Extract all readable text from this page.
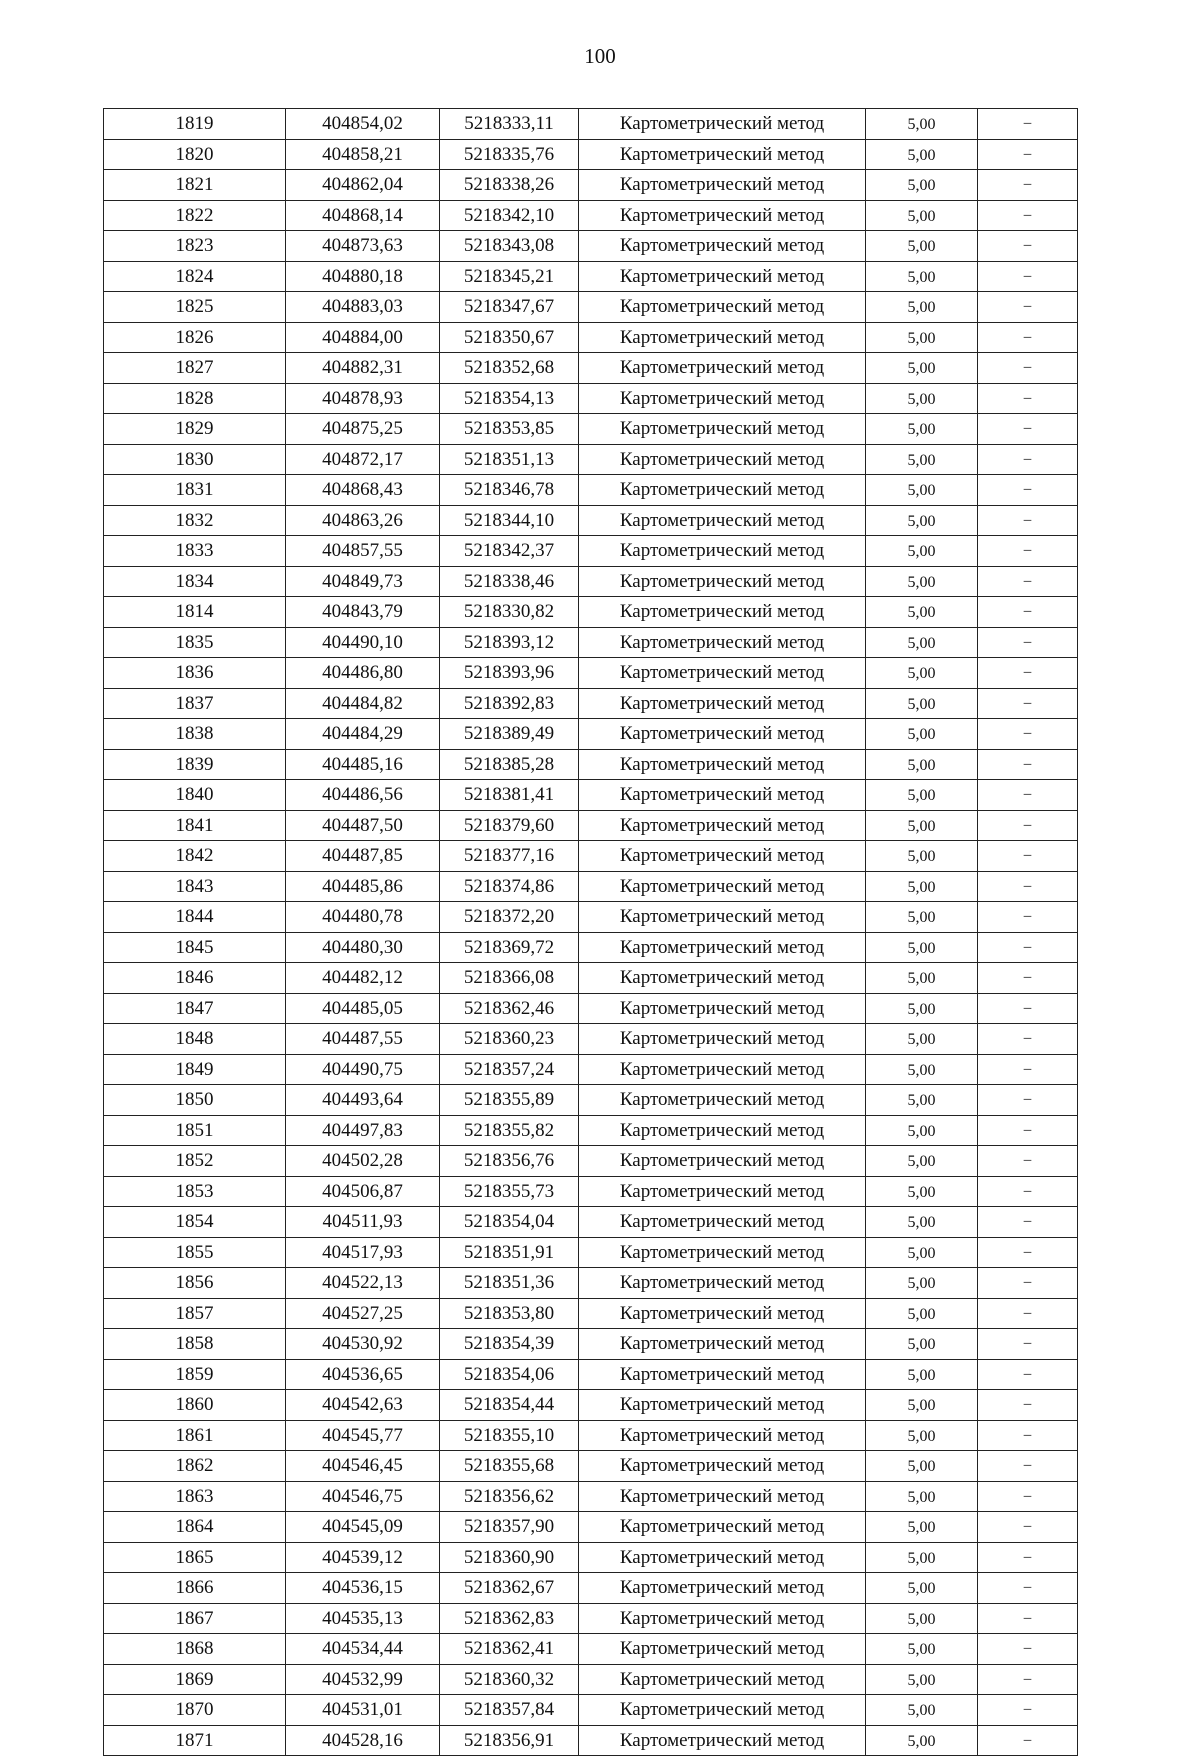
100
1819	404854,02	5218333,11	Картометрический метод	5,00	–
1820	404858,21	5218335,76	Картометрический метод	5,00	–
1821	404862,04	5218338,26	Картометрический метод	5,00	–
1822	404868,14	5218342,10	Картометрический метод	5,00	–
1823	404873,63	5218343,08	Картометрический метод	5,00	–
1824	404880,18	5218345,21	Картометрический метод	5,00	–
1825	404883,03	5218347,67	Картометрический метод	5,00	–
1826	404884,00	5218350,67	Картометрический метод	5,00	–
1827	404882,31	5218352,68	Картометрический метод	5,00	–
1828	404878,93	5218354,13	Картометрический метод	5,00	–
1829	404875,25	5218353,85	Картометрический метод	5,00	–
1830	404872,17	5218351,13	Картометрический метод	5,00	–
1831	404868,43	5218346,78	Картометрический метод	5,00	–
1832	404863,26	5218344,10	Картометрический метод	5,00	–
1833	404857,55	5218342,37	Картометрический метод	5,00	–
1834	404849,73	5218338,46	Картометрический метод	5,00	–
1814	404843,79	5218330,82	Картометрический метод	5,00	–
1835	404490,10	5218393,12	Картометрический метод	5,00	–
1836	404486,80	5218393,96	Картометрический метод	5,00	–
1837	404484,82	5218392,83	Картометрический метод	5,00	–
1838	404484,29	5218389,49	Картометрический метод	5,00	–
1839	404485,16	5218385,28	Картометрический метод	5,00	–
1840	404486,56	5218381,41	Картометрический метод	5,00	–
1841	404487,50	5218379,60	Картометрический метод	5,00	–
1842	404487,85	5218377,16	Картометрический метод	5,00	–
1843	404485,86	5218374,86	Картометрический метод	5,00	–
1844	404480,78	5218372,20	Картометрический метод	5,00	–
1845	404480,30	5218369,72	Картометрический метод	5,00	–
1846	404482,12	5218366,08	Картометрический метод	5,00	–
1847	404485,05	5218362,46	Картометрический метод	5,00	–
1848	404487,55	5218360,23	Картометрический метод	5,00	–
1849	404490,75	5218357,24	Картометрический метод	5,00	–
1850	404493,64	5218355,89	Картометрический метод	5,00	–
1851	404497,83	5218355,82	Картометрический метод	5,00	–
1852	404502,28	5218356,76	Картометрический метод	5,00	–
1853	404506,87	5218355,73	Картометрический метод	5,00	–
1854	404511,93	5218354,04	Картометрический метод	5,00	–
1855	404517,93	5218351,91	Картометрический метод	5,00	–
1856	404522,13	5218351,36	Картометрический метод	5,00	–
1857	404527,25	5218353,80	Картометрический метод	5,00	–
1858	404530,92	5218354,39	Картометрический метод	5,00	–
1859	404536,65	5218354,06	Картометрический метод	5,00	–
1860	404542,63	5218354,44	Картометрический метод	5,00	–
1861	404545,77	5218355,10	Картометрический метод	5,00	–
1862	404546,45	5218355,68	Картометрический метод	5,00	–
1863	404546,75	5218356,62	Картометрический метод	5,00	–
1864	404545,09	5218357,90	Картометрический метод	5,00	–
1865	404539,12	5218360,90	Картометрический метод	5,00	–
1866	404536,15	5218362,67	Картометрический метод	5,00	–
1867	404535,13	5218362,83	Картометрический метод	5,00	–
1868	404534,44	5218362,41	Картометрический метод	5,00	–
1869	404532,99	5218360,32	Картометрический метод	5,00	–
1870	404531,01	5218357,84	Картометрический метод	5,00	–
1871	404528,16	5218356,91	Картометрический метод	5,00	–
